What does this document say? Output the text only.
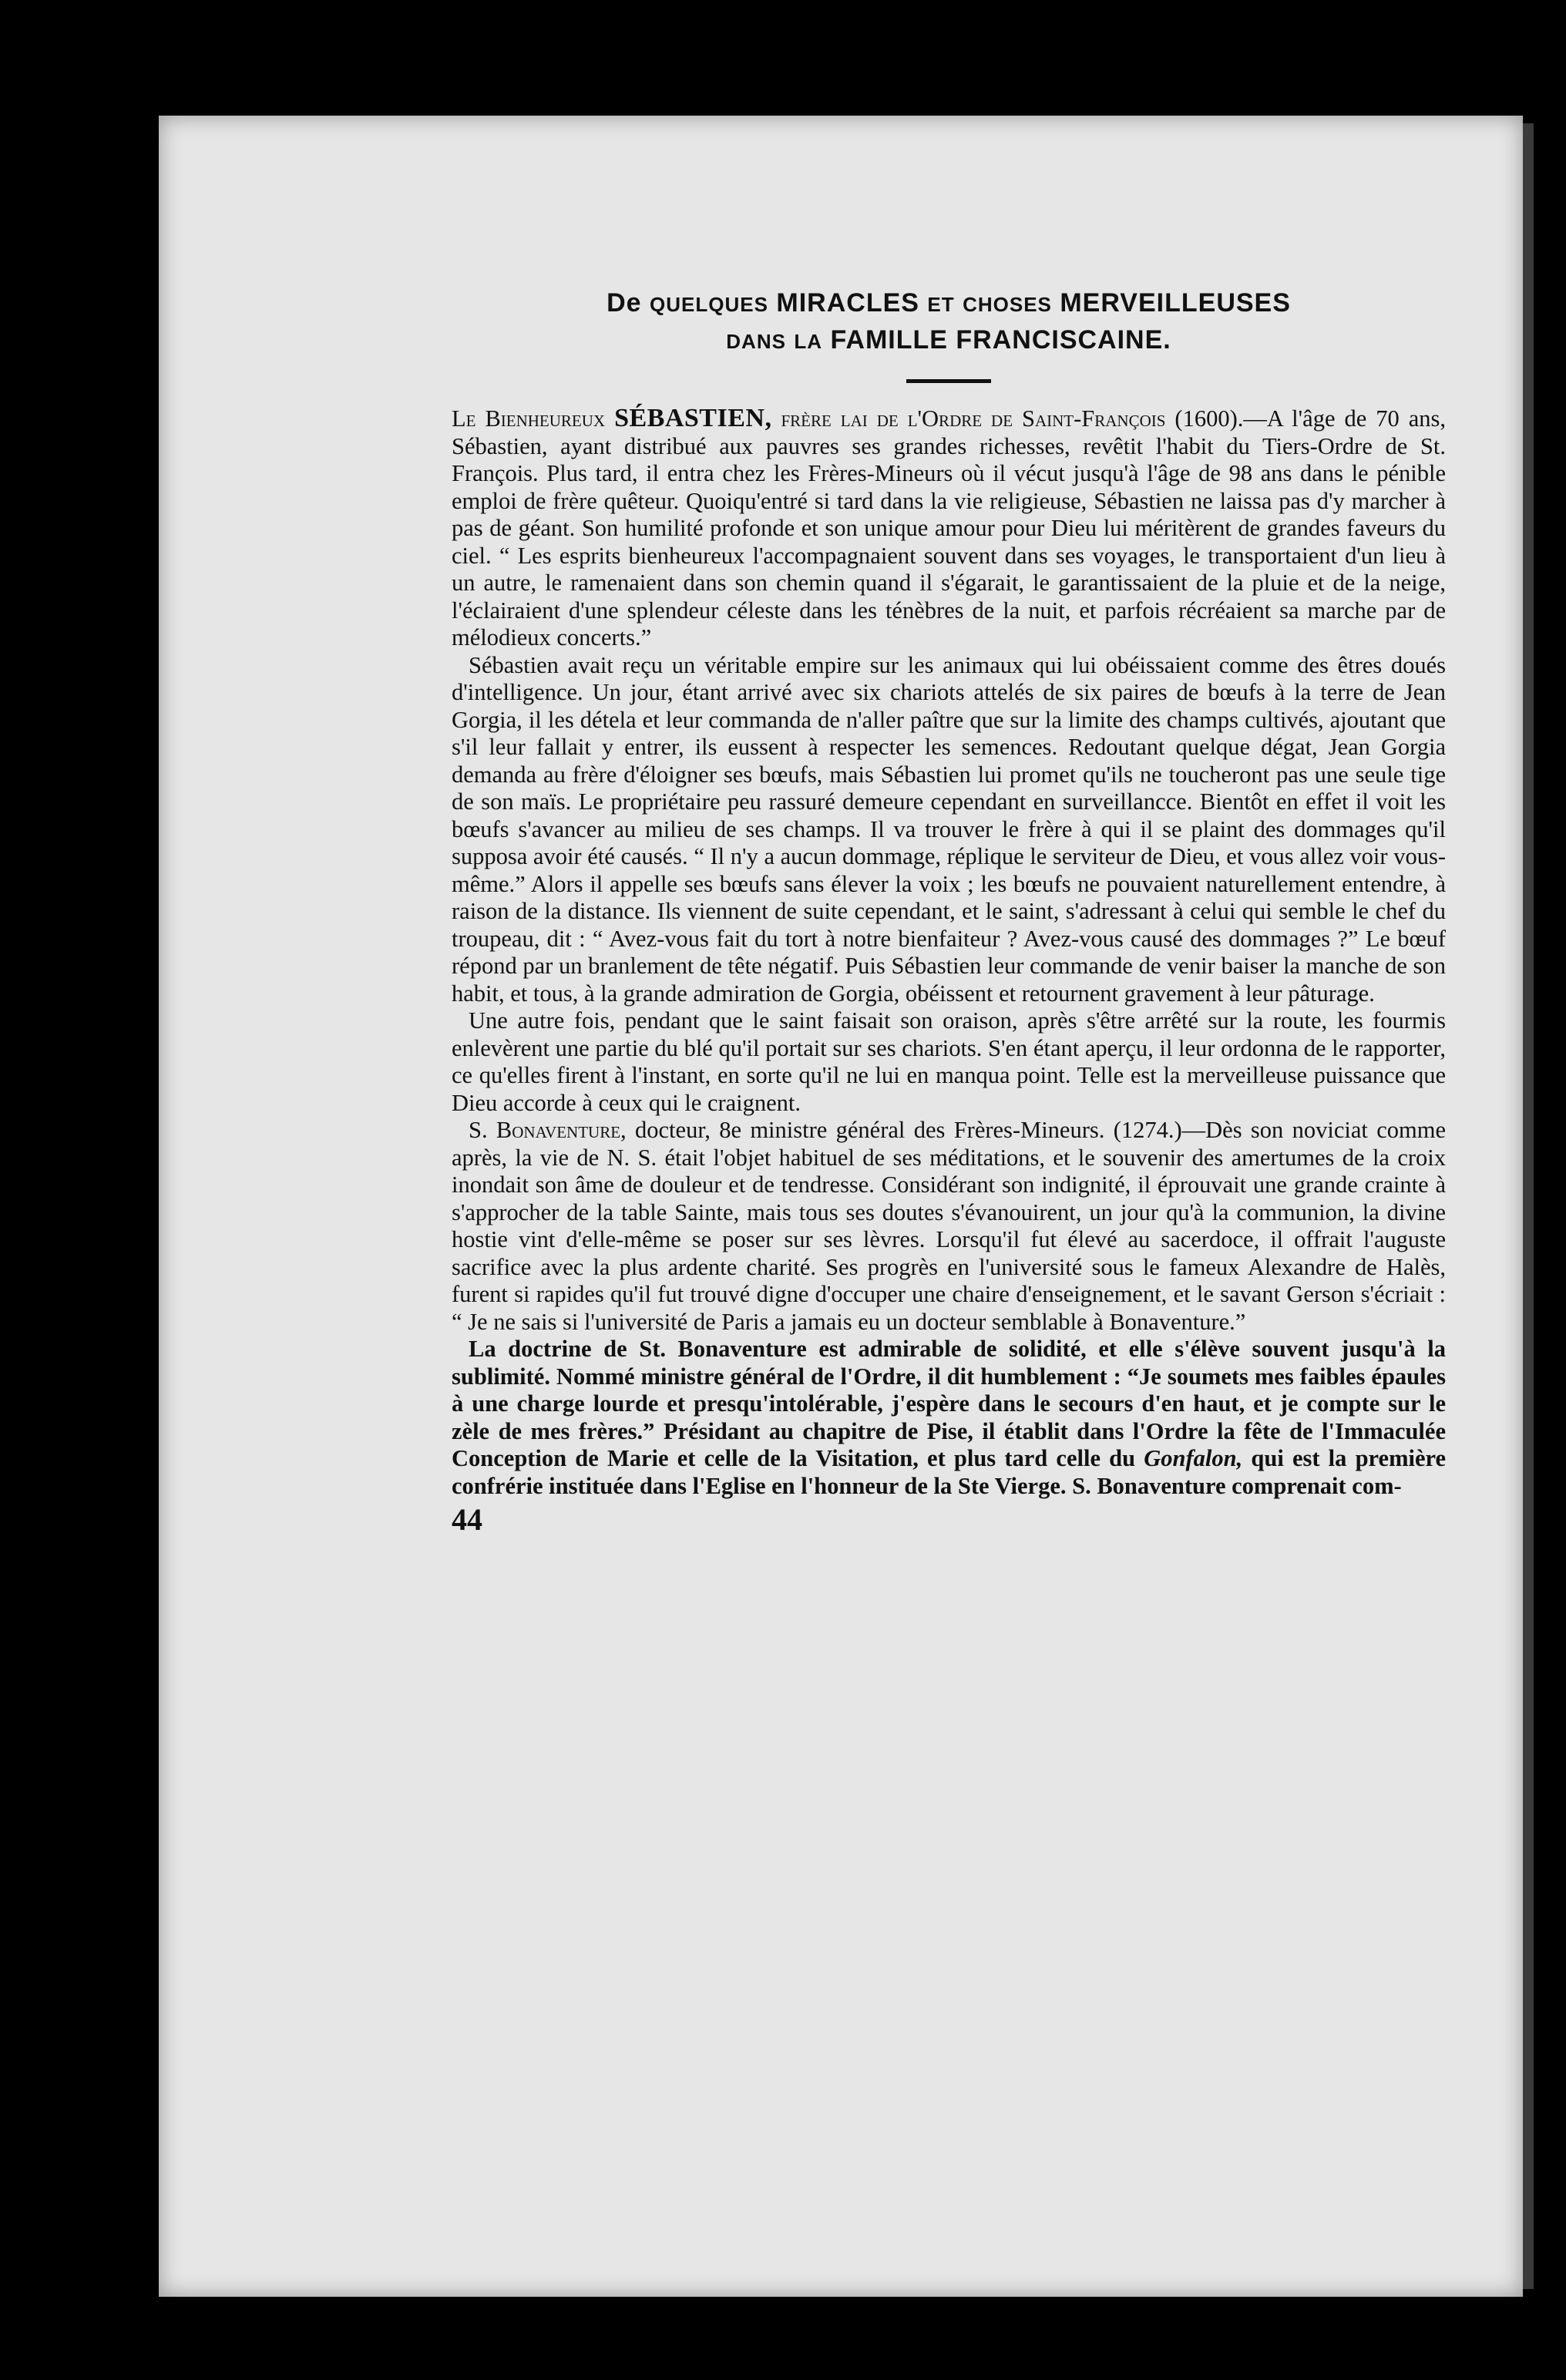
De QUELQUES MIRACLES ET CHOSES MERVEILLEUSES
DANS LA FAMILLE FRANCISCAINE.

Le Bienheureux SÉBASTIEN, frère lai de l'Ordre de Saint-François (1600).—A l'âge de 70 ans, Sébastien, ayant distribué aux pauvres ses grandes richesses, revêtit l'habit du Tiers-Ordre de St. François. Plus tard, il entra chez les Frères-Mineurs où il vécut jusqu'à l'âge de 98 ans dans le pénible emploi de frère quêteur. Quoiqu'entré si tard dans la vie religieuse, Sébastien ne laissa pas d'y marcher à pas de géant. Son humilité profonde et son unique amour pour Dieu lui méritèrent de grandes faveurs du ciel. “ Les esprits bienheureux l'accompagnaient souvent dans ses voyages, le transportaient d'un lieu à un autre, le ramenaient dans son chemin quand il s'égarait, le garantissaient de la pluie et de la neige, l'éclairaient d'une splendeur céleste dans les ténèbres de la nuit, et parfois récréaient sa marche par de mélodieux concerts.”

Sébastien avait reçu un véritable empire sur les animaux qui lui obéissaient comme des êtres doués d'intelligence. Un jour, étant arrivé avec six chariots attelés de six paires de bœufs à la terre de Jean Gorgia, il les détela et leur commanda de n'aller paître que sur la limite des champs cultivés, ajoutant que s'il leur fallait y entrer, ils eussent à respecter les semences. Redoutant quelque dégat, Jean Gorgia demanda au frère d'éloigner ses bœufs, mais Sébastien lui promet qu'ils ne toucheront pas une seule tige de son maïs. Le propriétaire peu rassuré demeure cependant en surveillancce. Bientôt en effet il voit les bœufs s'avancer au milieu de ses champs. Il va trouver le frère à qui il se plaint des dommages qu'il supposa avoir été causés. “ Il n'y a aucun dommage, réplique le serviteur de Dieu, et vous allez voir vous-même.” Alors il appelle ses bœufs sans élever la voix ; les bœufs ne pouvaient naturellement entendre, à raison de la distance. Ils viennent de suite cependant, et le saint, s'adressant à celui qui semble le chef du troupeau, dit : “ Avez-vous fait du tort à notre bienfaiteur ? Avez-vous causé des dommages ?” Le bœuf répond par un branlement de tête négatif. Puis Sébastien leur commande de venir baiser la manche de son habit, et tous, à la grande admiration de Gorgia, obéissent et retournent gravement à leur pâturage.

Une autre fois, pendant que le saint faisait son oraison, après s'être arrêté sur la route, les fourmis enlevèrent une partie du blé qu'il portait sur ses chariots. S'en étant aperçu, il leur ordonna de le rapporter, ce qu'elles firent à l'instant, en sorte qu'il ne lui en manqua point. Telle est la merveilleuse puissance que Dieu accorde à ceux qui le craignent.

S. Bonaventure, docteur, 8e ministre général des Frères-Mineurs. (1274.)—Dès son noviciat comme après, la vie de N. S. était l'objet habituel de ses méditations, et le souvenir des amertumes de la croix inondait son âme de douleur et de tendresse. Considérant son indignité, il éprouvait une grande crainte à s'approcher de la table Sainte, mais tous ses doutes s'évanouirent, un jour qu'à la communion, la divine hostie vint d'elle-même se poser sur ses lèvres. Lorsqu'il fut élevé au sacerdoce, il offrait l'auguste sacrifice avec la plus ardente charité. Ses progrès en l'université sous le fameux Alexandre de Halès, furent si rapides qu'il fut trouvé digne d'occuper une chaire d'enseignement, et le savant Gerson s'écriait : “ Je ne sais si l'université de Paris a jamais eu un docteur semblable à Bonaventure.”

La doctrine de St. Bonaventure est admirable de solidité, et elle s'élève souvent jusqu'à la sublimité. Nommé ministre général de l'Ordre, il dit humblement : “Je soumets mes faibles épaules à une charge lourde et presqu'intolérable, j'espère dans le secours d'en haut, et je compte sur le zèle de mes frères.” Présidant au chapitre de Pise, il établit dans l'Ordre la fête de l'Immaculée Conception de Marie et celle de la Visitation, et plus tard celle du Gonfalon, qui est la première confrérie instituée dans l'Eglise en l'honneur de la Ste Vierge. S. Bonaventure comprenait com-

44
